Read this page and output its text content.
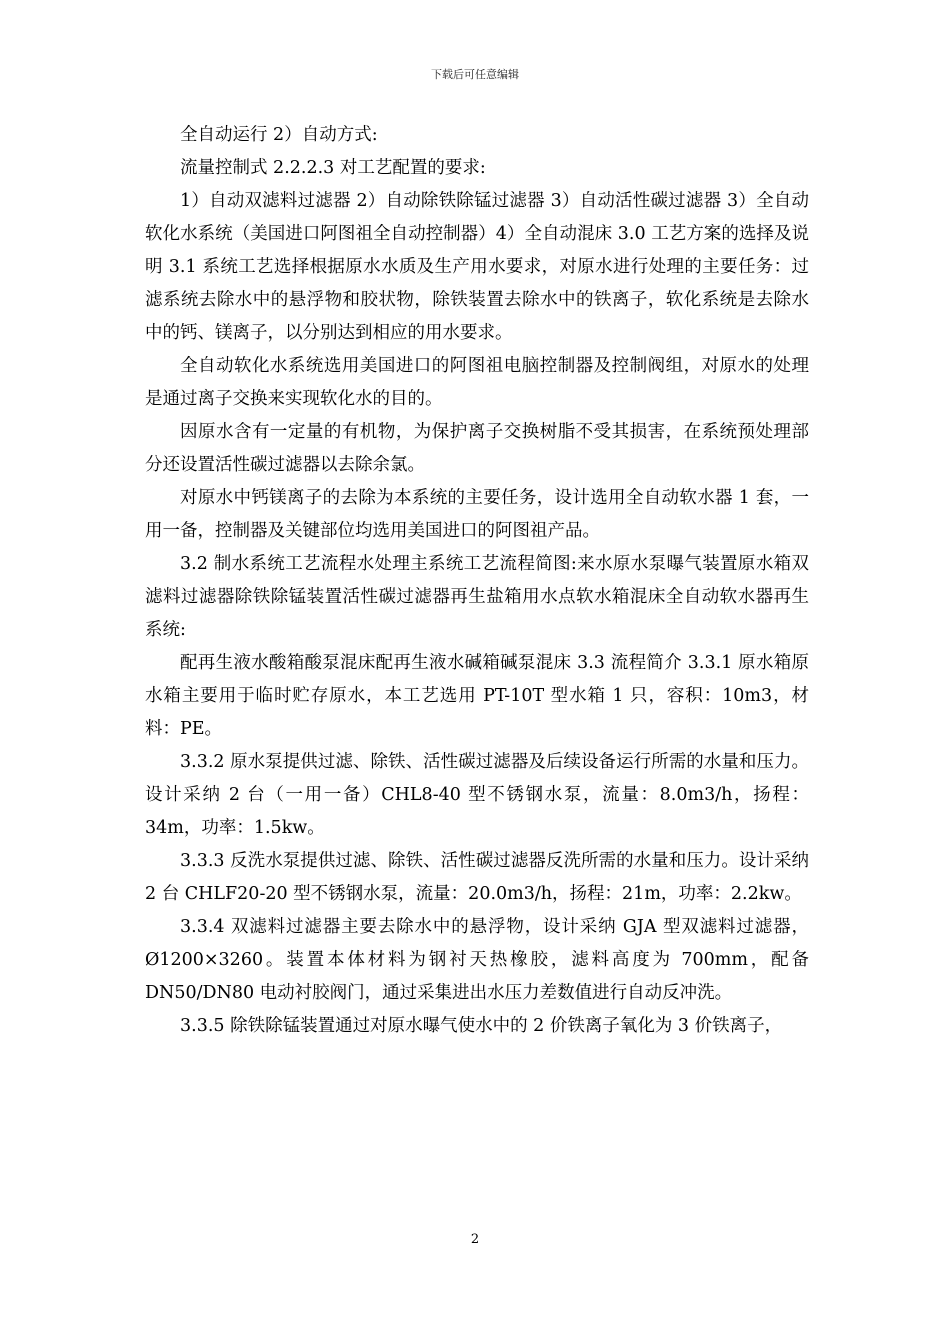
下载后可任意编辑

全自动运行 2）自动方式:

流量控制式 2.2.2.3 对工艺配置的要求:

1）自动双滤料过滤器 2）自动除铁除锰过滤器 3）自动活性碳过滤器 3）全自动软化水系统（美国进口阿图祖全自动控制器）4）全自动混床 3.0 工艺方案的选择及说明 3.1 系统工艺选择根据原水水质及生产用水要求，对原水进行处理的主要任务：过滤系统去除水中的悬浮物和胶状物，除铁装置去除水中的铁离子，软化系统是去除水中的钙、镁离子，以分别达到相应的用水要求。

全自动软化水系统选用美国进口的阿图祖电脑控制器及控制阀组，对原水的处理是通过离子交换来实现软化水的目的。

因原水含有一定量的有机物，为保护离子交换树脂不受其损害，在系统预处理部分还设置活性碳过滤器以去除余氯。

对原水中钙镁离子的去除为本系统的主要任务，设计选用全自动软水器 1 套，一用一备，控制器及关键部位均选用美国进口的阿图祖产品。

3.2 制水系统工艺流程水处理主系统工艺流程简图:来水原水泵曝气装置原水箱双滤料过滤器除铁除锰装置活性碳过滤器再生盐箱用水点软水箱混床全自动软水器再生系统:

配再生液水酸箱酸泵混床配再生液水碱箱碱泵混床 3.3 流程简介 3.3.1 原水箱原水箱主要用于临时贮存原水，本工艺选用 PT-10T 型水箱 1 只，容积：10m3，材料：PE。

3.3.2 原水泵提供过滤、除铁、活性碳过滤器及后续设备运行所需的水量和压力。设计采纳 2 台（一用一备）CHL8-40 型不锈钢水泵，流量：8.0m3/h，扬程：34m，功率：1.5kw。

3.3.3 反洗水泵提供过滤、除铁、活性碳过滤器反洗所需的水量和压力。设计采纳 2 台 CHLF20-20 型不锈钢水泵，流量：20.0m3/h，扬程：21m，功率：2.2kw。

3.3.4 双滤料过滤器主要去除水中的悬浮物，设计采纳 GJA 型双滤料过滤器，Ø1200×3260。装置本体材料为钢衬天热橡胶，滤料高度为 700mm，配备 DN50/DN80 电动衬胶阀门，通过采集进出水压力差数值进行自动反冲洗。

3.3.5 除铁除锰装置通过对原水曝气使水中的 2 价铁离子氧化为 3 价铁离子，

2
